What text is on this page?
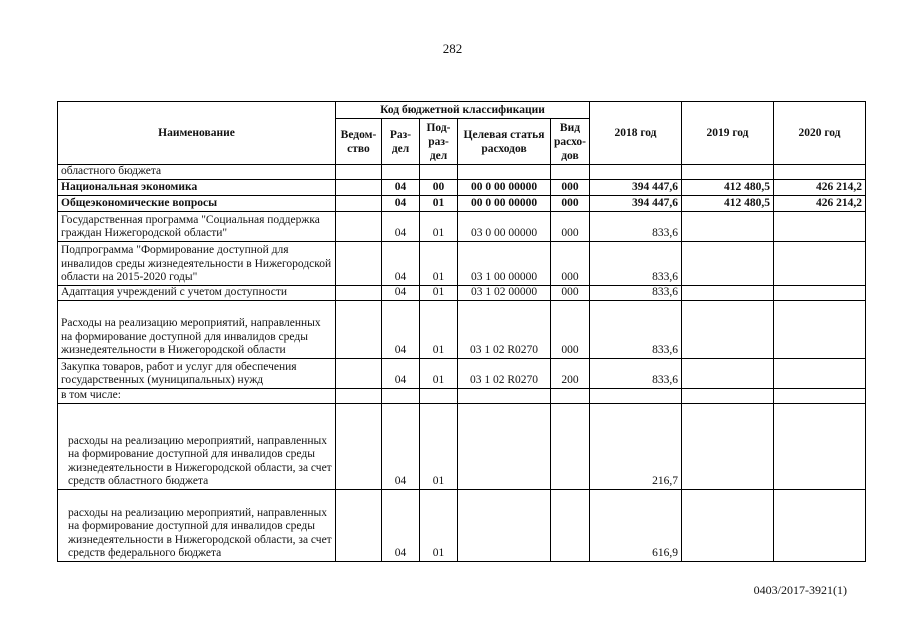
282
Наименование	Код бюджетной классификации					2018 год	2019 год	2020 год
	Ведом-ство	Раз-дел	Под-раз-дел	Целевая статья расходов	Вид расхо-дов			
областного бюджета								
Национальная экономика		04	00	00 0 00 00000	000	394 447,6	412 480,5	426 214,2
Общеэкономические вопросы		04	01	00 0 00 00000	000	394 447,6	412 480,5	426 214,2
Государственная программа "Социальная поддержка граждан Нижегородской области"		04	01	03 0 00 00000	000	833,6		
Подпрограмма "Формирование доступной для инвалидов среды жизнедеятельности в Нижегородской области на 2015-2020 годы"		04	01	03 1 00 00000	000	833,6		
Адаптация учреждений с учетом доступности		04	01	03 1 02 00000	000	833,6		
Расходы на реализацию мероприятий, направленных на формирование доступной для инвалидов среды жизнедеятельности в Нижегородской области		04	01	03 1 02 R0270	000	833,6		
Закупка товаров, работ и услуг для обеспечения государственных (муниципальных) нужд		04	01	03 1 02 R0270	200	833,6		
в том числе:								
расходы на реализацию мероприятий, направленных на формирование доступной для инвалидов среды жизнедеятельности в Нижегородской области, за счет средств областного бюджета		04	01			216,7		
расходы на реализацию мероприятий, направленных на формирование доступной для инвалидов среды жизнедеятельности в Нижегородской области, за счет средств федерального бюджета		04	01			616,9		
0403/2017-3921(1)
